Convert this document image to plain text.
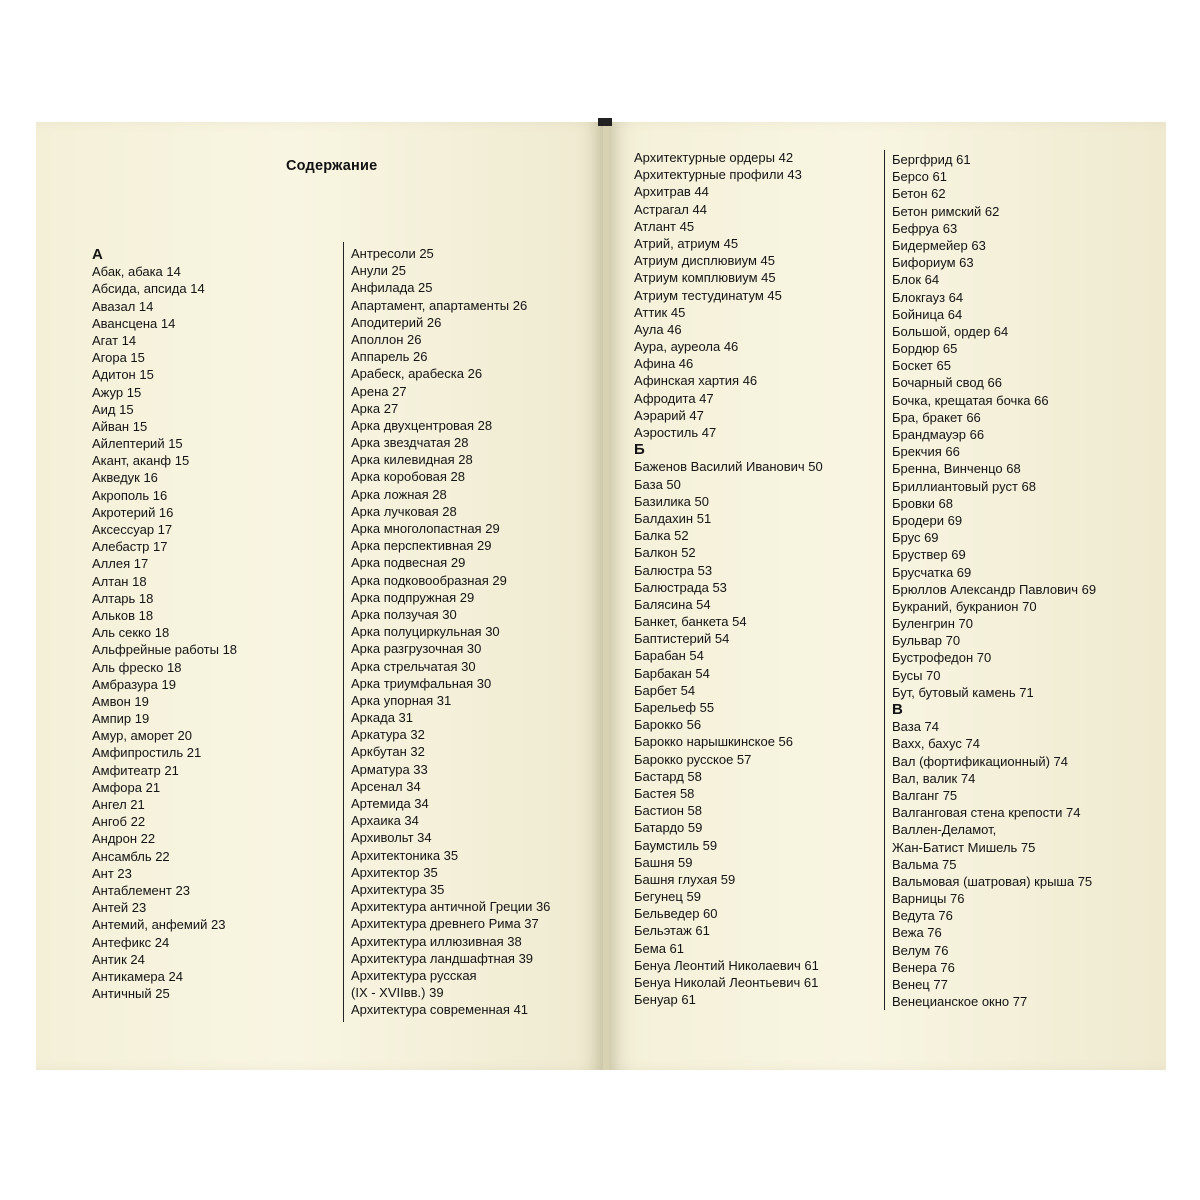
Содержание
А
Абак, абака 14
Абсида, апсида 14
Авазал 14
Авансцена 14
Агат 14
Агора 15
Адитон 15
Ажур 15
Аид 15
Айван 15
Айлептерий 15
Акант, аканф 15
Акведук 16
Акрополь 16
Акротерий 16
Аксессуар 17
Алебастр 17
Аллея 17
Алтан 18
Алтарь 18
Альков 18
Аль секко 18
Альфрейные работы 18
Аль фреско 18
Амбразура 19
Амвон 19
Ампир 19
Амур, аморет 20
Амфипростиль 21
Амфитеатр 21
Амфора 21
Ангел 21
Ангоб 22
Андрон 22
Ансамбль 22
Ант 23
Антаблемент 23
Антей 23
Антемий, анфемий 23
Антефикс 24
Антик 24
Антикамера 24
Античный 25
Антресоли 25
Анули 25
Анфилада 25
Апартамент, апартаменты 26
Аподитерий 26
Аполлон 26
Аппарель 26
Арабеск, арабеска 26
Арена 27
Арка 27
Арка двухцентровая 28
Арка звездчатая 28
Арка килевидная 28
Арка коробовая 28
Арка ложная 28
Арка лучковая 28
Арка многолопастная 29
Арка перспективная 29
Арка подвесная 29
Арка подковообразная 29
Арка подпружная 29
Арка ползучая 30
Арка полуциркульная 30
Арка разгрузочная 30
Арка стрельчатая 30
Арка триумфальная 30
Арка упорная 31
Аркада 31
Аркатура 32
Аркбутан 32
Арматура 33
Арсенал 34
Артемида 34
Архаика 34
Архивольт 34
Архитектоника 35
Архитектор 35
Архитектура 35
Архитектура античной Греции 36
Архитектура древнего Рима 37
Архитектура иллюзивная 38
Архитектура ландшафтная 39
Архитектура русская
(IX - XVIIвв.) 39
Архитектура современная 41
Архитектурные ордеры 42
Архитектурные профили 43
Архитрав 44
Астрагал 44
Атлант 45
Атрий, атриум 45
Атриум дисплювиум 45
Атриум комплювиум 45
Атриум тестудинатум 45
Аттик 45
Аула 46
Аура, ауреола 46
Афина 46
Афинская хартия 46
Афродита 47
Аэрарий 47
Аэростиль 47
Б
Баженов Василий Иванович 50
База 50
Базилика 50
Балдахин 51
Балка 52
Балкон 52
Балюстра 53
Балюстрада 53
Балясина 54
Банкет, банкета 54
Баптистерий 54
Барабан 54
Барбакан 54
Барбет 54
Барельеф 55
Барокко 56
Барокко нарышкинское 56
Барокко русское 57
Бастард 58
Бастея 58
Бастион 58
Батардо 59
Баумстиль 59
Башня 59
Башня глухая 59
Бегунец 59
Бельведер 60
Бельэтаж 61
Бема 61
Бенуа Леонтий Николаевич 61
Бенуа Николай Леонтьевич 61
Бенуар 61
Бергфрид 61
Берсо 61
Бетон 62
Бетон римский 62
Бефруа 63
Бидермейер 63
Бифориум 63
Блок 64
Блокгауз 64
Бойница 64
Большой, ордер 64
Бордюр 65
Боскет 65
Бочарный свод 66
Бочка, крещатая бочка 66
Бра, бракет 66
Брандмауэр 66
Брекчия 66
Бренна, Винченцо 68
Бриллиантовый руст 68
Бровки 68
Бродери 69
Брус 69
Бруствер 69
Брусчатка 69
Брюллов Александр Павлович 69
Букраний, букранион 70
Буленгрин 70
Бульвар 70
Бустрофедон 70
Бусы 70
Бут, бутовый камень 71
В
Ваза 74
Вахх, бахус 74
Вал (фортификационный) 74
Вал, валик 74
Валганг 75
Валганговая стена крепости 74
Валлен-Деламот,
Жан-Батист Мишель 75
Вальма 75
Вальмовая (шатровая) крыша 75
Варницы 76
Ведута 76
Вежа 76
Велум 76
Венера 76
Венец 77
Венецианское окно 77
